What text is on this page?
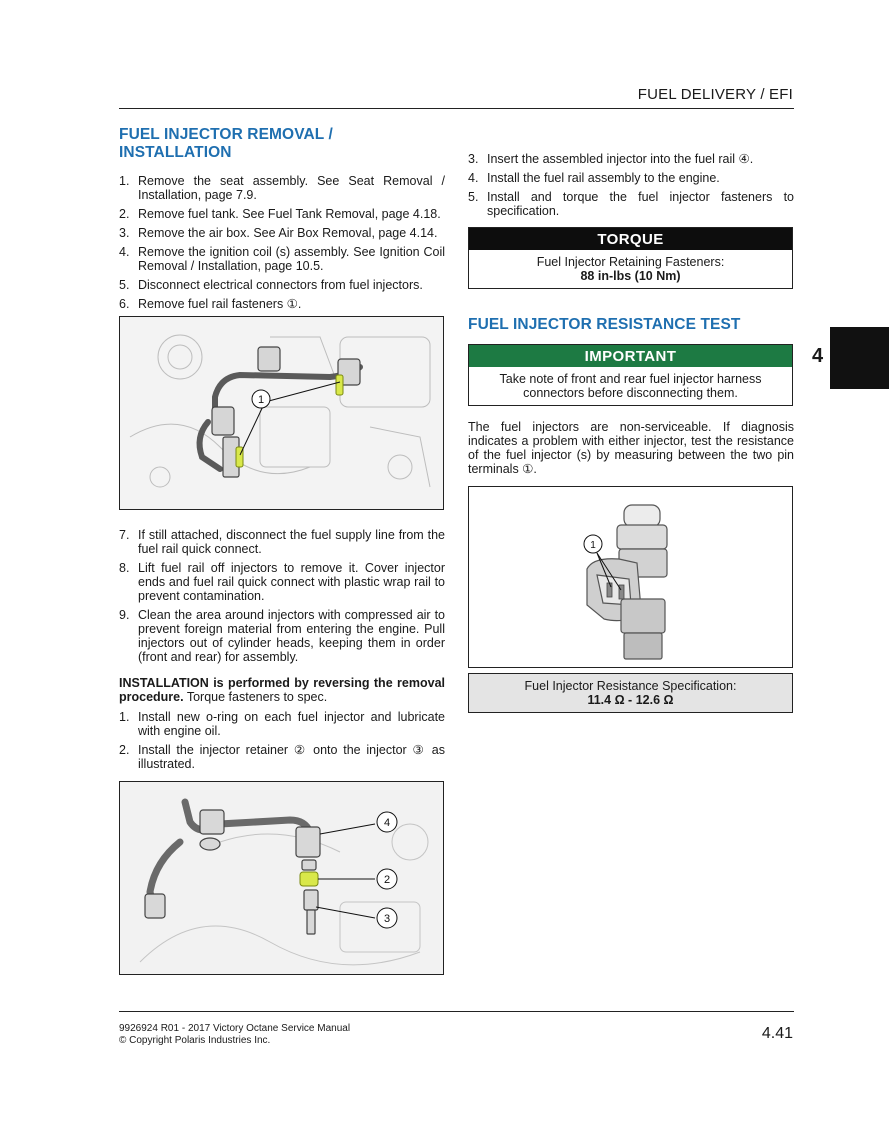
FUEL DELIVERY / EFI
4
FUEL INJECTOR REMOVAL / INSTALLATION
1. Remove the seat assembly. See Seat Removal / Installation, page 7.9.
2. Remove fuel tank. See Fuel Tank Removal, page 4.18.
3. Remove the air box. See Air Box Removal, page 4.14.
4. Remove the ignition coil (s) assembly. See Ignition Coil Removal / Installation, page 10.5.
5. Disconnect electrical connectors from fuel injectors.
6. Remove fuel rail fasteners ①.
1
7. If still attached, disconnect the fuel supply line from the fuel rail quick connect.
8. Lift fuel rail off injectors to remove it. Cover injector ends and fuel rail quick connect with plastic wrap rail to prevent contamination.
9. Clean the area around injectors with compressed air to prevent foreign material from entering the engine. Pull injectors out of cylinder heads, keeping them in order (front and rear) for assembly.

INSTALLATION is performed by reversing the removal procedure. Torque fasteners to spec.

1. Install new o-ring on each fuel injector and lubricate with engine oil.
2. Install the injector retainer ② onto the injector ③ as illustrated.
4
2
3
3. Insert the assembled injector into the fuel rail ④.
4. Install the fuel rail assembly to the engine.
5. Install and torque the fuel injector fasteners to specification.
TORQUE
Fuel Injector Retaining Fasteners:
88 in-lbs (10 Nm)
FUEL INJECTOR RESISTANCE TEST
IMPORTANT
Take note of front and rear fuel injector harness connectors before disconnecting them.

The fuel injectors are non-serviceable. If diagnosis indicates a problem with either injector, test the resistance of the fuel injector (s) by measuring between the two pin terminals ①.

1
Fuel Injector Resistance Specification:
11.4 Ω - 12.6 Ω
9926924 R01 - 2017 Victory Octane Service Manual
© Copyright Polaris Industries Inc.	4.41
